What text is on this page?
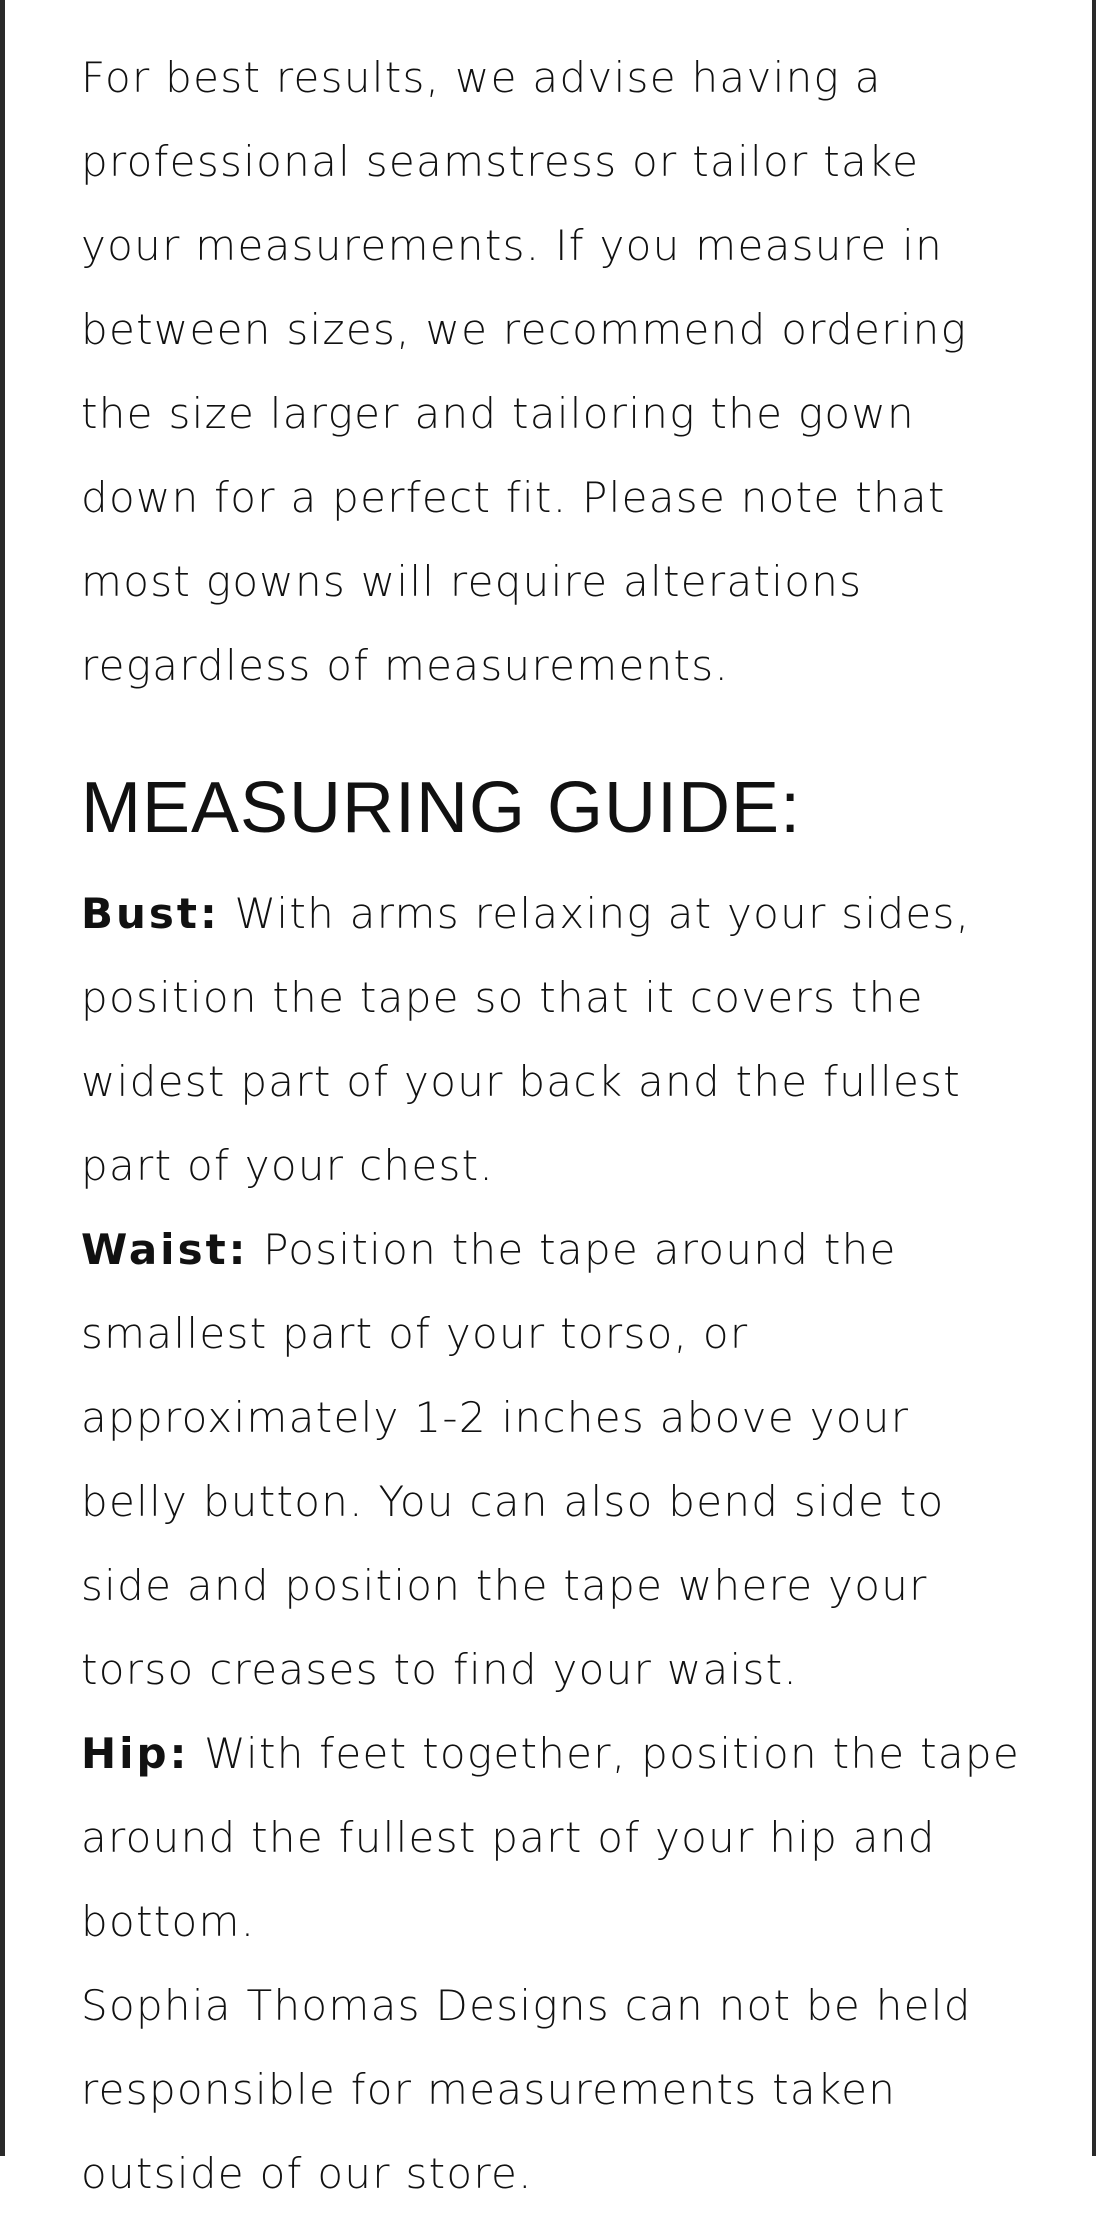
For best results, we advise having a professional seamstress or tailor take your measurements. If you measure in between sizes, we recommend ordering the size larger and tailoring the gown down for a perfect fit. Please note that most gowns will require alterations regardless of measurements.

MEASURING GUIDE:

Bust: With arms relaxing at your sides, position the tape so that it covers the widest part of your back and the fullest part of your chest.

Waist: Position the tape around the smallest part of your torso, or approximately 1-2 inches above your belly button. You can also bend side to side and position the tape where your torso creases to find your waist.

Hip: With feet together, position the tape around the fullest part of your hip and bottom.

Sophia Thomas Designs can not be held responsible for measurements taken outside of our store.
